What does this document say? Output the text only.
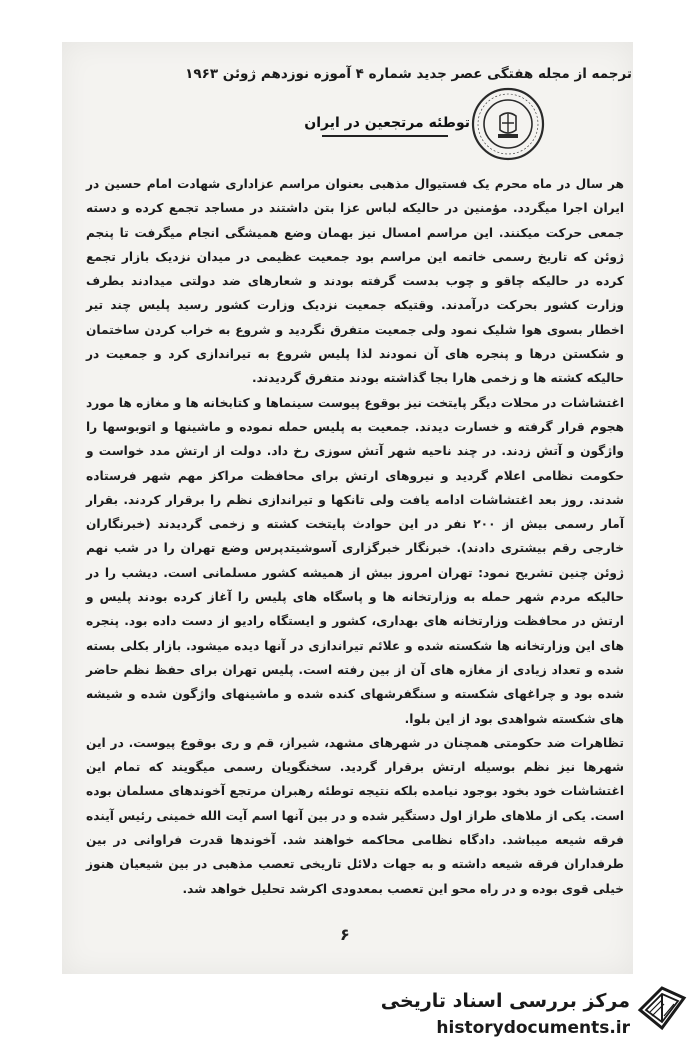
ترجمه از مجله هفتگی عصر جدید شماره ۴ آموزه نوزدهم ژوئن ۱۹۶۳
توطئه مرتجعین در ایران

هر سال در ماه محرم یک فستیوال مذهبی بعنوان مراسم عزاداری شهادت امام حسین در ایران اجرا میگردد. مؤمنین در حالیکه لباس عزا بتن داشتند در مساجد تجمع کرده و دسته جمعی حرکت میکنند. این مراسم امسال نیز بهمان وضع همیشگی انجام میگرفت تا پنجم ژوئن که تاریخ رسمی خاتمه این مراسم بود جمعیت عظیمی در میدان نزدیک بازار تجمع کرده در حالیکه چاقو و چوب بدست گرفته بودند و شعارهای ضد دولتی میدادند بطرف وزارت کشور بحرکت درآمدند. وقتیکه جمعیت نزدیک وزارت کشور رسید پلیس چند تیر اخطار بسوی هوا شلیک نمود ولی جمعیت متفرق نگردید و شروع به خراب کردن ساختمان و شکستن درها و پنجره های آن نمودند لذا پلیس شروع به تیراندازی کرد و جمعیت در حالیکه کشته ها و زخمی هارا بجا گذاشته بودند متفرق گردیدند.

اغتشاشات در محلات دیگر پایتخت نیز بوقوع پیوست سینماها و کتابخانه ها و مغازه ها مورد هجوم قرار گرفته و خسارت دیدند. جمعیت به پلیس حمله نموده و ماشینها و اتوبوسها را واژگون و آتش زدند. در چند ناحیه شهر آتش سوزی رخ داد. دولت از ارتش مدد خواست و حکومت نظامی اعلام گردید و نیروهای ارتش برای محافظت مراکز مهم شهر فرستاده شدند. روز بعد اغتشاشات ادامه یافت ولی تانکها و تیراندازی نظم را برقرار کردند. بقرار آمار رسمی بیش از ۲۰۰ نفر در این حوادث پایتخت کشته و زخمی گردیدند (خبرنگاران خارجی رقم بیشتری دادند). خبرنگار خبرگزاری آسوشیتدپرس وضع تهران را در شب نهم ژوئن چنین تشریح نمود: تهران امروز بیش از همیشه کشور مسلمانی است. دیشب را در حالیکه مردم شهر حمله به وزارتخانه ها و پاسگاه های پلیس را آغاز کرده بودند پلیس و ارتش در محافظت وزارتخانه های بهداری، کشور و ایستگاه رادیو از دست داده بود. پنجره های این وزارتخانه ها شکسته شده و علائم تیراندازی در آنها دیده میشود. بازار بکلی بسته شده و تعداد زیادی از مغازه های آن از بین رفته است. پلیس تهران برای حفظ نظم حاضر شده بود و چراغهای شکسته و سنگفرشهای کنده شده و ماشینهای واژگون شده و شیشه های شکسته شواهدی بود از این بلوا.

تظاهرات ضد حکومتی همچنان در شهرهای مشهد، شیراز، قم و ری بوقوع پیوست. در این شهرها نیز نظم بوسیله ارتش برقرار گردید. سخنگویان رسمی میگویند که تمام این اغتشاشات خود بخود بوجود نیامده بلکه نتیجه توطئه رهبران مرتجع آخوندهای مسلمان بوده است. یکی از ملاهای طراز اول دستگیر شده و در بین آنها اسم آیت الله خمینی رئیس آینده فرقه شیعه میباشد. دادگاه نظامی محاکمه خواهند شد. آخوندها قدرت فراوانی در بین طرفداران فرقه شیعه داشته و به جهات دلائل تاریخی تعصب مذهبی در بین شیعیان هنوز خیلی قوی بوده و در راه محو این تعصب بمعدودی اکرشد تحلیل خواهد شد.

۶
مرکز بررسی اسناد تاریخی
historydocuments.ir
